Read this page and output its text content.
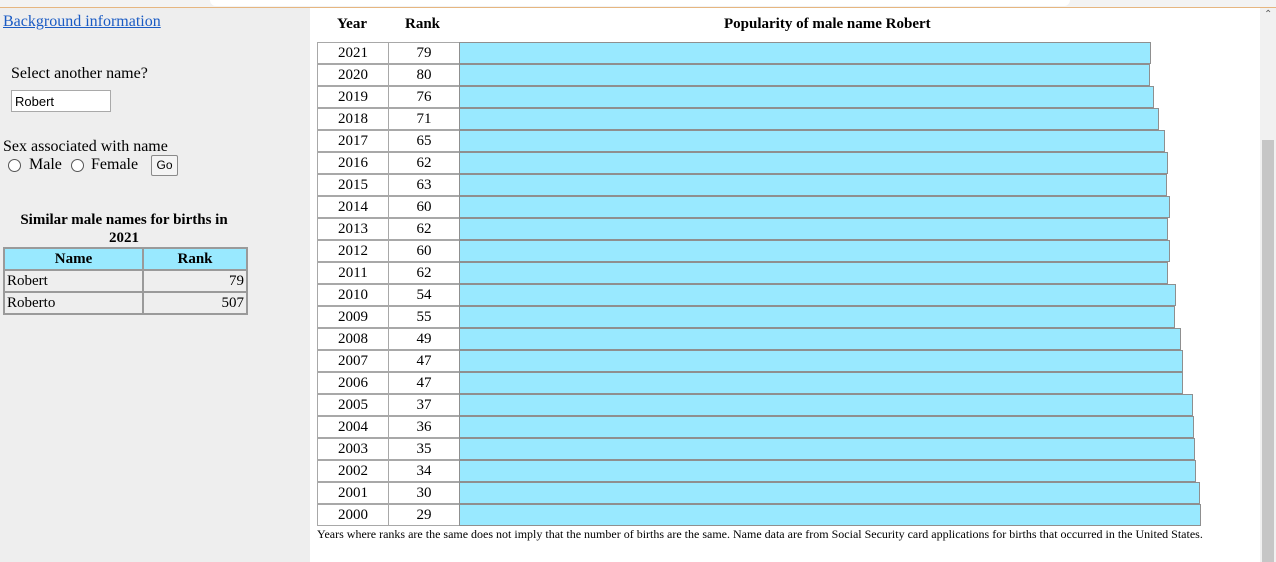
Background information
Select another name?
Robert
Sex associated with name
Male Female	Go
Similar male names for births in
2021
Name	Rank
Robert	79
Roberto	507
Year	Rank	Popularity of male name Robert
2021	79
2020	80
2019	76
2018	71
2017	65
2016	62
2015	63
2014	60
2013	62
2012	60
2011	62
2010	54
2009	55
2008	49
2007	47
2006	47
2005	37
2004	36
2003	35
2002	34
2001	30
2000	29
Years where ranks are the same does not imply that the number of births are the same. Name data are from Social Security card applications for births that occurred in the United States.
⌃
